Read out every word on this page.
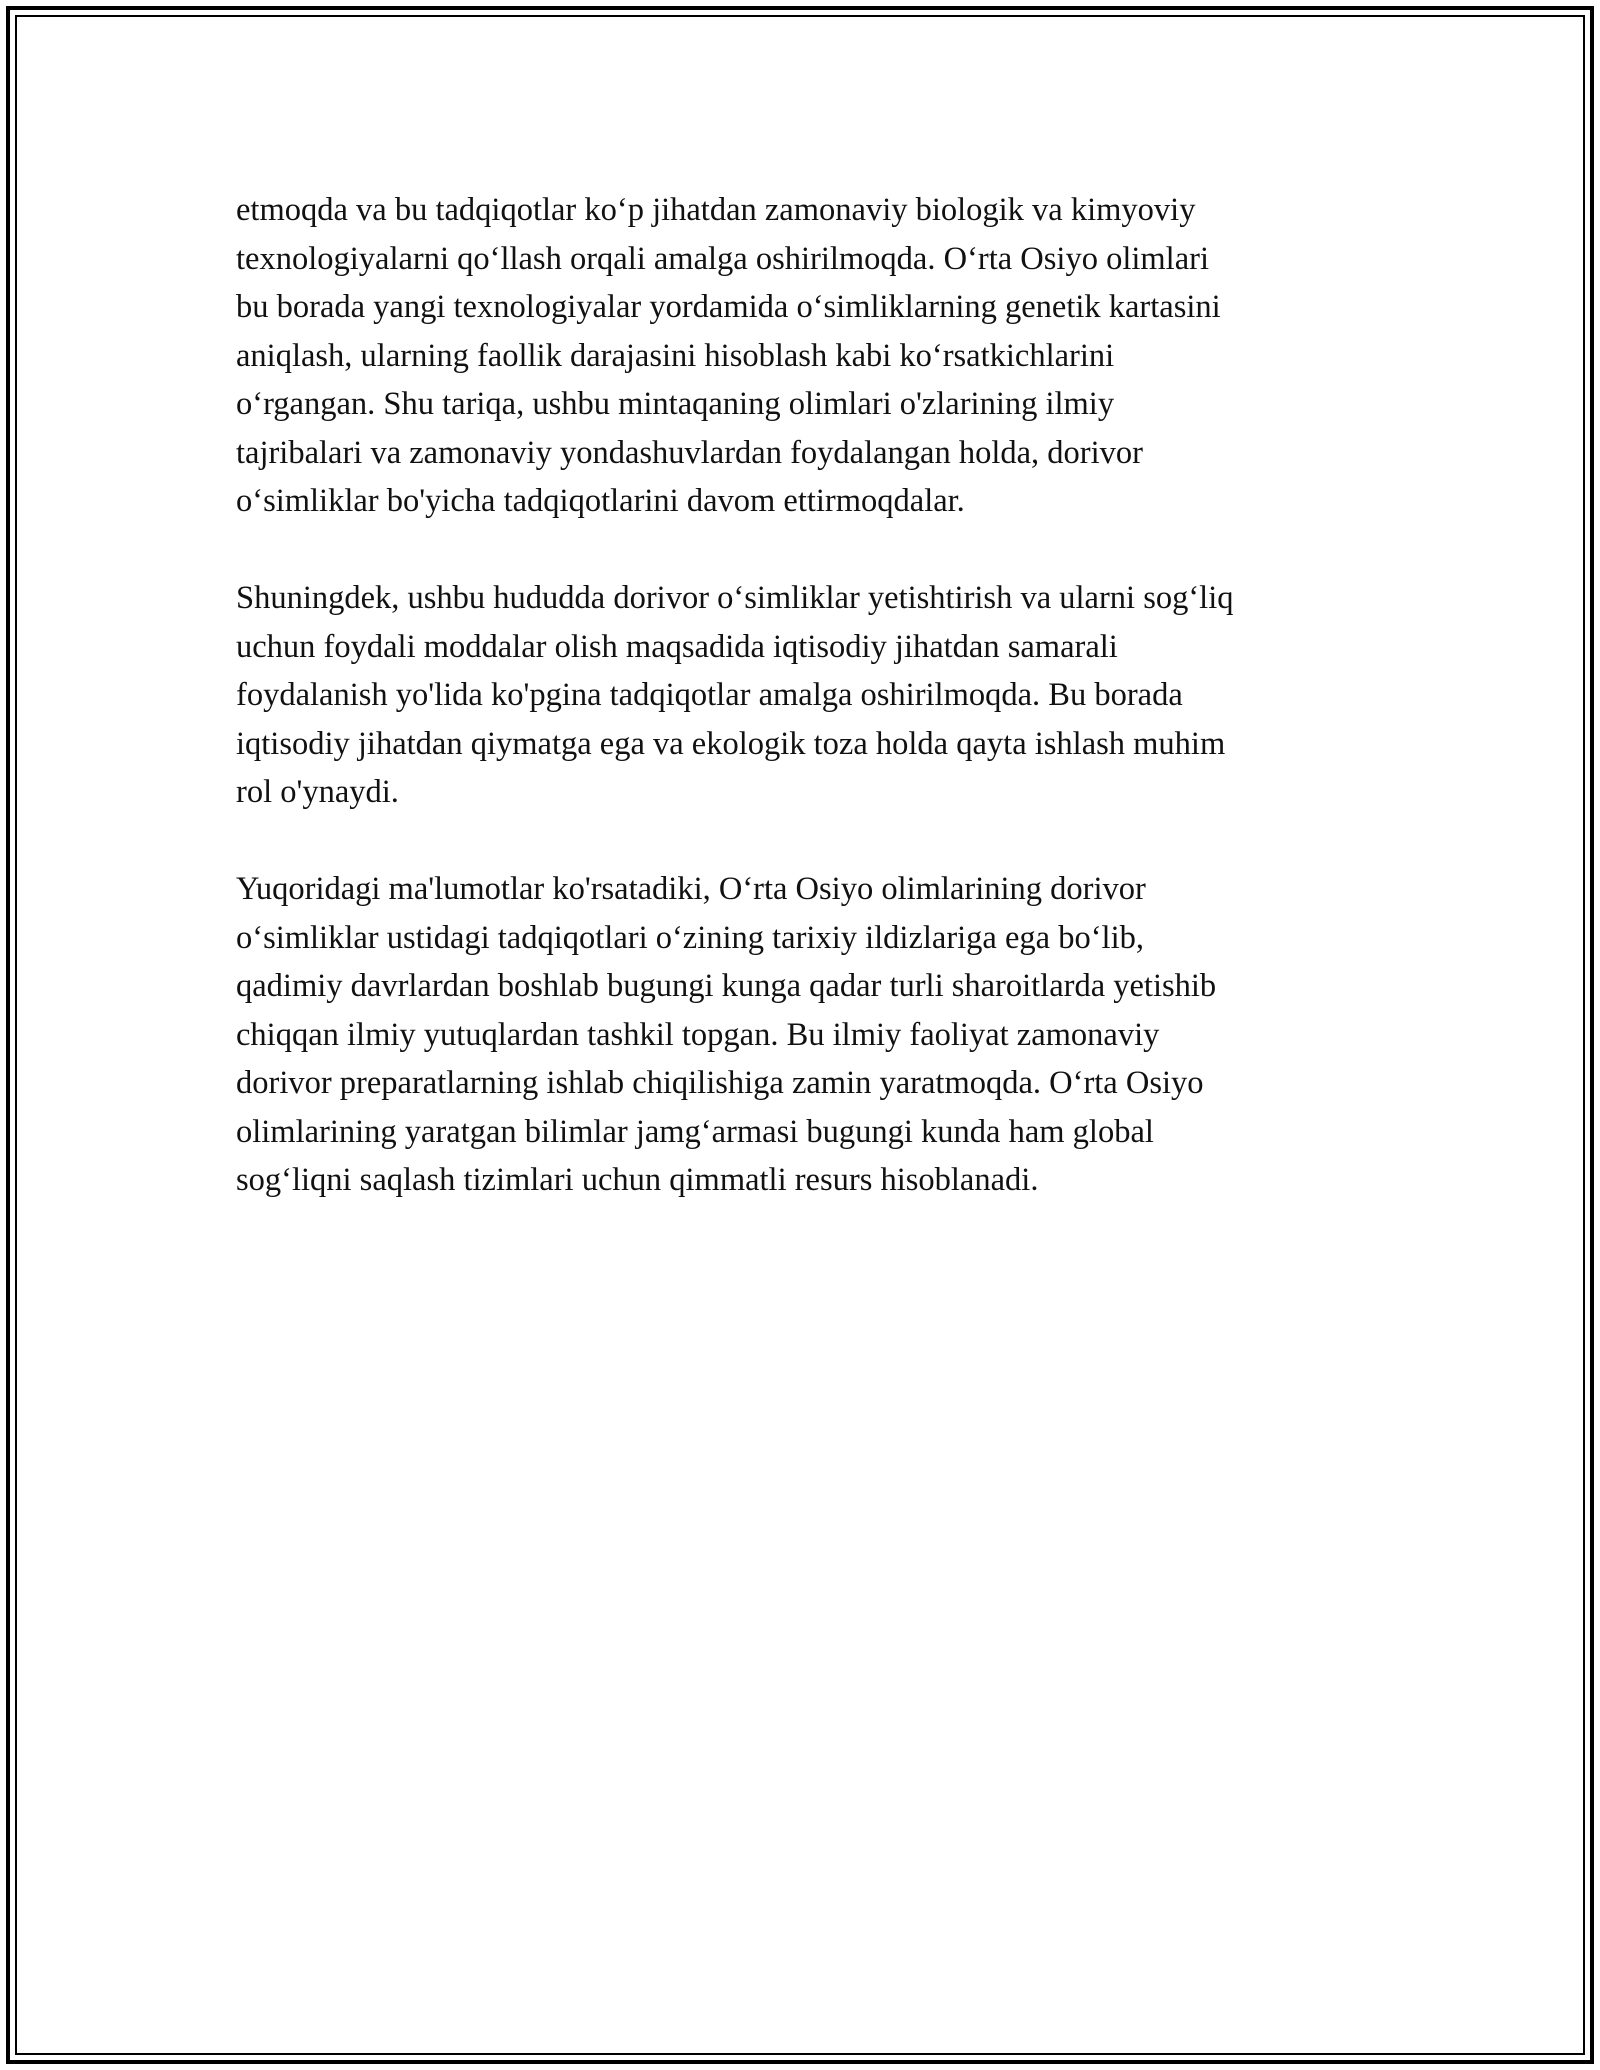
etmoqda va bu tadqiqotlar ko‘p jihatdan zamonaviy biologik va kimyoviy
texnologiyalarni qo‘llash orqali amalga oshirilmoqda. O‘rta Osiyo olimlari
bu borada yangi texnologiyalar yordamida o‘simliklarning genetik kartasini
aniqlash, ularning faollik darajasini hisoblash kabi ko‘rsatkichlarini
o‘rgangan. Shu tariqa, ushbu mintaqaning olimlari o'zlarining ilmiy
tajribalari va zamonaviy yondashuvlardan foydalangan holda, dorivor
o‘simliklar bo'yicha tadqiqotlarini davom ettirmoqdalar.

Shuningdek, ushbu hududda dorivor o‘simliklar yetishtirish va ularni sog‘liq
uchun foydali moddalar olish maqsadida iqtisodiy jihatdan samarali
foydalanish yo'lida ko'pgina tadqiqotlar amalga oshirilmoqda. Bu borada
iqtisodiy jihatdan qiymatga ega va ekologik toza holda qayta ishlash muhim
rol o'ynaydi.

Yuqoridagi ma'lumotlar ko'rsatadiki, O‘rta Osiyo olimlarining dorivor
o‘simliklar ustidagi tadqiqotlari o‘zining tarixiy ildizlariga ega bo‘lib,
qadimiy davrlardan boshlab bugungi kunga qadar turli sharoitlarda yetishib
chiqqan ilmiy yutuqlardan tashkil topgan. Bu ilmiy faoliyat zamonaviy
dorivor preparatlarning ishlab chiqilishiga zamin yaratmoqda. O‘rta Osiyo
olimlarining yaratgan bilimlar jamg‘armasi bugungi kunda ham global
sog‘liqni saqlash tizimlari uchun qimmatli resurs hisoblanadi.
